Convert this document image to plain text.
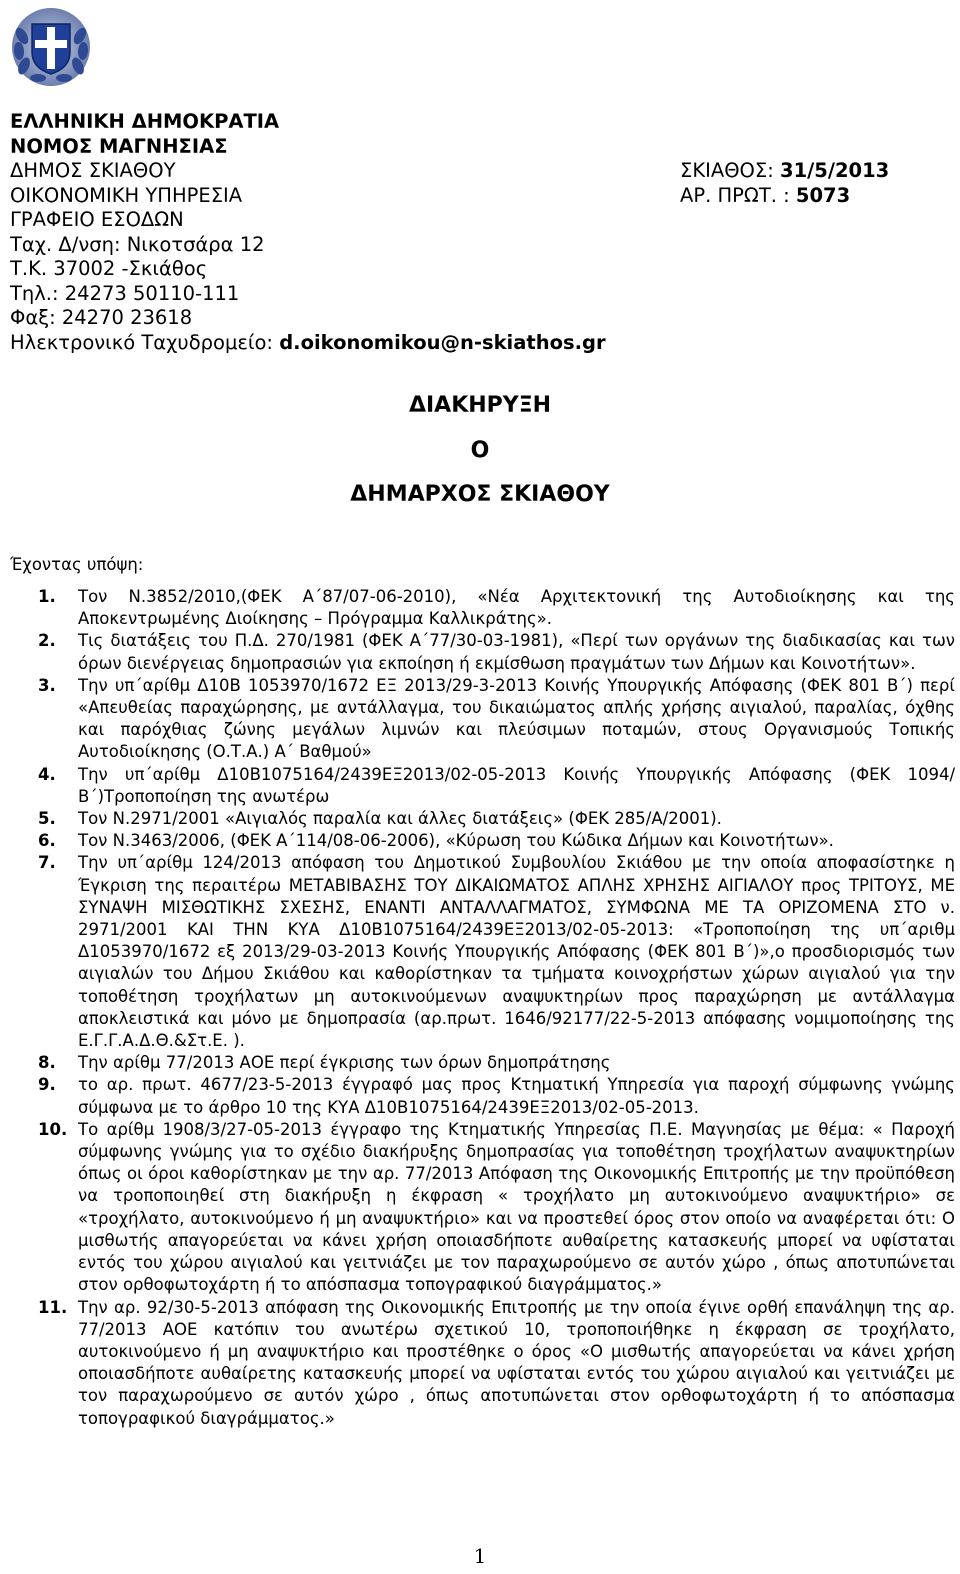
ΕΛΛΗΝΙΚΗ ΔΗΜΟΚΡΑΤΙΑ
ΝΟΜΟΣ ΜΑΓΝΗΣΙΑΣ
ΔΗΜΟΣ ΣΚΙΑΘΟΥ
ΟΙΚΟΝΟΜΙΚΗ ΥΠΗΡΕΣΙΑ
ΓΡΑΦΕΙΟ ΕΣΟΔΩΝ
Ταχ. Δ/νση: Νικοτσάρα 12
Τ.Κ. 37002 -Σκιάθος
Τηλ.: 24273 50110-111
Φαξ: 24270 23618
Ηλεκτρονικό Ταχυδρομείο: d.oikonomikou@n-skiathos.gr
ΣΚΙΑΘΟΣ: 31/5/2013
ΑΡ. ΠΡΩΤ. : 5073
ΔΙΑΚΗΡΥΞΗ
Ο
ΔΗΜΑΡΧΟΣ ΣΚΙΑΘΟΥ
Έχοντας υπόψη:
1.	Τον Ν.3852/2010,(ΦΕΚ Α΄87/07-06-2010), «Νέα Αρχιτεκτονική της Αυτοδιοίκησης και της Αποκεντρωμένης Διοίκησης – Πρόγραμμα Καλλικράτης».
2.	Τις διατάξεις του Π.Δ. 270/1981 (ΦΕΚ Α΄77/30-03-1981), «Περί των οργάνων της διαδικασίας και των όρων διενέργειας δημοπρασιών για εκποίηση ή εκμίσθωση πραγμάτων των Δήμων και Κοινοτήτων».
3.	Την υπ΄αρίθμ Δ10Β 1053970/1672 ΕΞ 2013/29-3-2013 Κοινής Υπουργικής Απόφασης (ΦΕΚ 801 Β΄) περί «Απευθείας παραχώρησης, με αντάλλαγμα, του δικαιώματος απλής χρήσης αιγιαλού, παραλίας, όχθης και παρόχθιας ζώνης μεγάλων λιμνών και πλεύσιμων ποταμών, στους Οργανισμούς Τοπικής Αυτοδιοίκησης (Ο.Τ.Α.) Α΄ Βαθμού»
4.	Την υπ΄αρίθμ Δ10Β1075164/2439ΕΞ2013/02-05-2013 Κοινής Υπουργικής Απόφασης (ΦΕΚ 1094/Β΄)Τροποποίηση της ανωτέρω
5.	Τον Ν.2971/2001 «Αιγιαλός παραλία και άλλες διατάξεις» (ΦΕΚ 285/Α/2001).
6.	Τον Ν.3463/2006, (ΦΕΚ Α΄114/08-06-2006), «Κύρωση του Κώδικα Δήμων και Κοινοτήτων».
7.	Την υπ΄αρίθμ 124/2013 απόφαση του Δημοτικού Συμβουλίου Σκιάθου με την οποία αποφασίστηκε η Έγκριση της περαιτέρω ΜΕΤΑΒΙΒΑΣΗΣ ΤΟΥ ΔΙΚΑΙΩΜΑΤΟΣ ΑΠΛΗΣ ΧΡΗΣΗΣ ΑΙΓΙΑΛΟΥ προς ΤΡΙΤΟΥΣ, ΜΕ ΣΥΝΑΨΗ ΜΙΣΘΩΤΙΚΗΣ ΣΧΕΣΗΣ, ΕΝΑΝΤΙ ΑΝΤΑΛΛΑΓΜΑΤΟΣ, ΣΥΜΦΩΝΑ ΜΕ ΤΑ ΟΡΙΖΟΜΕΝΑ ΣΤΟ ν. 2971/2001 ΚΑΙ ΤΗΝ ΚΥΑ Δ10Β1075164/2439ΕΞ2013/02-05-2013: «Τροποποίηση της υπ΄αριθμ Δ1053970/1672 εξ 2013/29-03-2013 Κοινής Υπουργικής Απόφασης (ΦΕΚ 801 Β΄)»,ο προσδιορισμός των αιγιαλών του Δήμου Σκιάθου και καθορίστηκαν τα τμήματα κοινοχρήστων χώρων αιγιαλού για την τοποθέτηση τροχήλατων μη αυτοκινούμενων αναψυκτηρίων προς παραχώρηση με αντάλλαγμα αποκλειστικά και μόνο με δημοπρασία (αρ.πρωτ. 1646/92177/22-5-2013 απόφασης νομιμοποίησης της Ε.Γ.Γ.Α.Δ.Θ.&Στ.Ε. ).
8.	Την αρίθμ 77/2013 ΑΟΕ περί έγκρισης των όρων δημοπράτησης
9.	το αρ. πρωτ. 4677/23-5-2013 έγγραφό μας προς Κτηματική Υπηρεσία για παροχή σύμφωνης γνώμης σύμφωνα με το άρθρο 10 της ΚΥΑ Δ10Β1075164/2439ΕΞ2013/02-05-2013.
10. Το αρίθμ 1908/3/27-05-2013 έγγραφο της Κτηματικής Υπηρεσίας Π.Ε. Μαγνησίας με θέμα: « Παροχή σύμφωνης γνώμης για το σχέδιο διακήρυξης δημοπρασίας για τοποθέτηση τροχήλατων αναψυκτηρίων όπως οι όροι καθορίστηκαν με την αρ. 77/2013 Απόφαση της Οικονομικής Επιτροπής με την προϋπόθεση να τροποποιηθεί στη διακήρυξη η έκφραση « τροχήλατο μη αυτοκινούμενο αναψυκτήριο» σε «τροχήλατο, αυτοκινούμενο ή μη αναψυκτήριο» και να προστεθεί όρος στον οποίο να αναφέρεται ότι: Ο μισθωτής απαγορεύεται να κάνει χρήση οποιασδήποτε αυθαίρετης κατασκευής μπορεί να υφίσταται εντός του χώρου αιγιαλού και γειτνιάζει με τον παραχωρούμενο σε αυτόν χώρο , όπως αποτυπώνεται στον ορθοφωτοχάρτη ή το απόσπασμα τοπογραφικού διαγράμματος.»
11. Την αρ. 92/30-5-2013 απόφαση της Οικονομικής Επιτροπής με την οποία έγινε ορθή επανάληψη της αρ. 77/2013 ΑΟΕ κατόπιν του ανωτέρω σχετικού 10, τροποποιήθηκε η έκφραση σε τροχήλατο, αυτοκινούμενο ή μη αναψυκτήριο και προστέθηκε ο όρος «Ο μισθωτής απαγορεύεται να κάνει χρήση οποιασδήποτε αυθαίρετης κατασκευής μπορεί να υφίσταται εντός του χώρου αιγιαλού και γειτνιάζει με τον παραχωρούμενο σε αυτόν χώρο , όπως αποτυπώνεται στον ορθοφωτοχάρτη ή το απόσπασμα τοπογραφικού διαγράμματος.»
1
